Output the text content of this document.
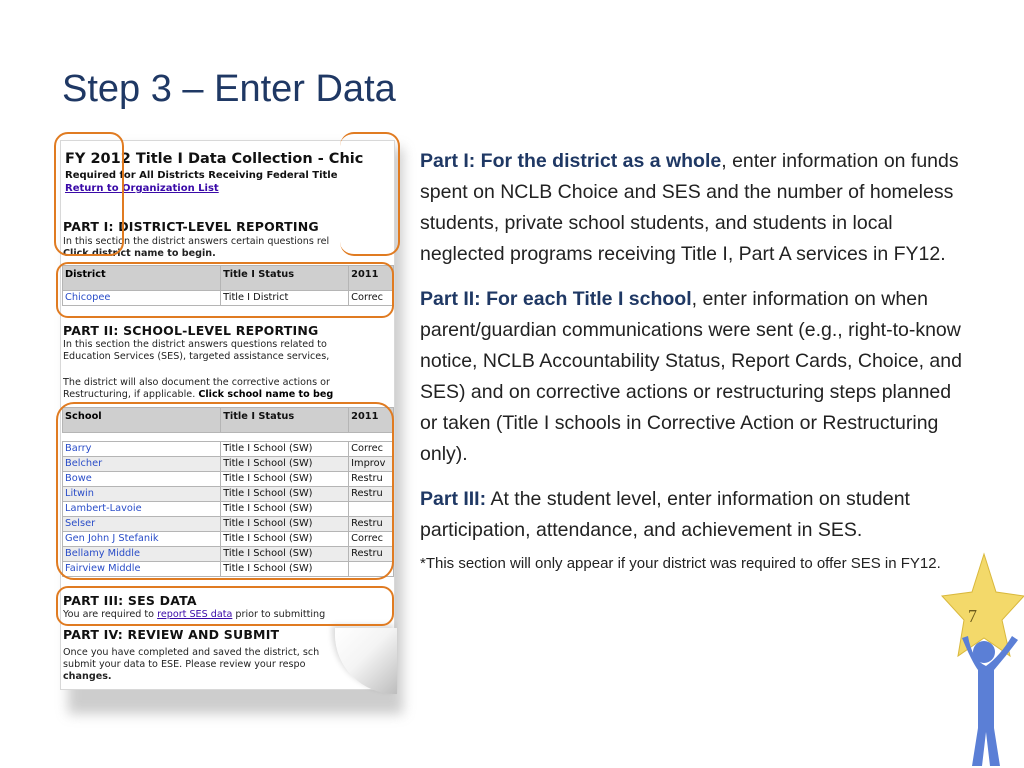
Step 3 – Enter Data
FY 2012 Title I Data Collection - Chic
Required for All Districts Receiving Federal Title
Return to Organization List
PART I: DISTRICT-LEVEL REPORTING
In this section the district answers certain questions rel
Click district name to begin.
District	Title I Status	2011
Chicopee	Title I District	Correc
PART II: SCHOOL-LEVEL REPORTING
In this section the district answers questions related to
Education Services (SES), targeted assistance services,
The district will also document the corrective actions or
Restructuring, if applicable. Click school name to beg
School	Title I Status	2011

Barry	Title I School (SW)	Correc
Belcher	Title I School (SW)	Improv
Bowe	Title I School (SW)	Restru
Litwin	Title I School (SW)	Restru
Lambert-Lavoie	Title I School (SW)	
Selser	Title I School (SW)	Restru
Gen John J Stefanik	Title I School (SW)	Correc
Bellamy Middle	Title I School (SW)	Restru
Fairview Middle	Title I School (SW)	
PART III: SES DATA
You are required to report SES data prior to submitting
PART IV: REVIEW AND SUBMIT
Once you have completed and saved the district, sch
submit your data to ESE. Please review your respo
changes.

Part I: For the district as a whole, enter information on funds spent on NCLB Choice and SES and the number of homeless students, private school students, and students in local neglected programs receiving Title I, Part A services in FY12.

Part II: For each Title I school, enter information on when parent/guardian communications were sent (e.g., right-to-know notice, NCLB Accountability Status, Report Cards, Choice, and SES) and on corrective actions or restructuring steps planned or taken (Title I schools in Corrective Action or Restructuring only).

Part III: At the student level, enter information on student participation, attendance, and achievement in SES.

*This section will only appear if your district was required to offer SES in FY12.

7
